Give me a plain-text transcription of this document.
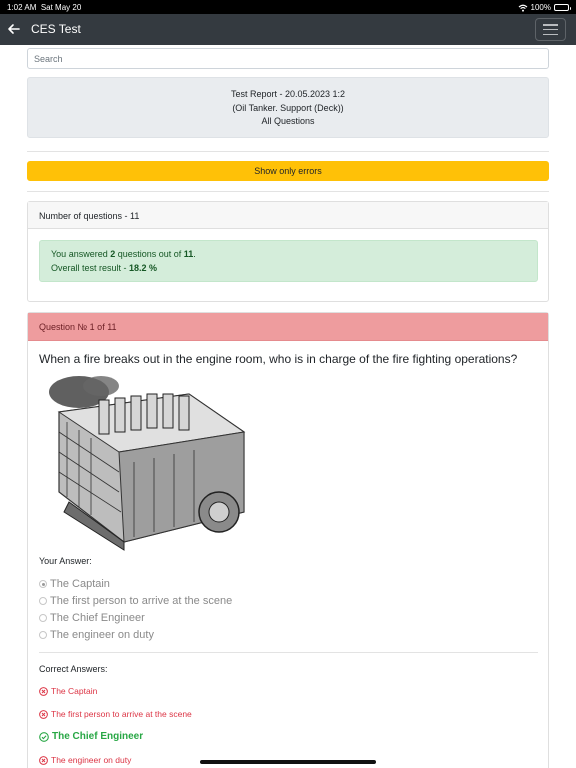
1:02 AM Sat May 20	100%
CES Test
Search
Test Report - 20.05.2023 1:2
(Oil Tanker. Support (Deck))
All Questions
Show only errors
Number of questions - 11
You answered 2 questions out of 11.
Overall test result - 18.2 %
Question № 1 of 11
When a fire breaks out in the engine room, who is in charge of the fire fighting operations?
Your Answer:
The Captain
The first person to arrive at the scene
The Chief Engineer
The engineer on duty
Correct Answers:
The Captain
The first person to arrive at the scene
The Chief Engineer
The engineer on duty
